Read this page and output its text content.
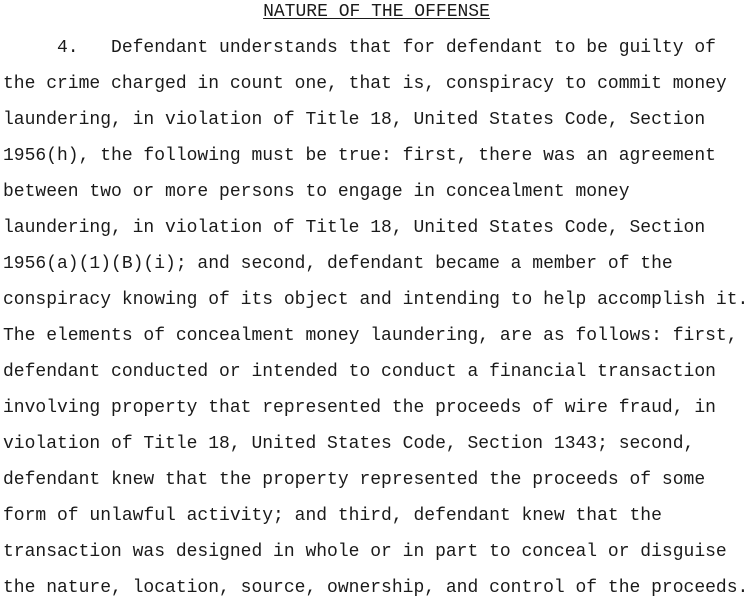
NATURE OF THE OFFENSE
4.   Defendant understands that for defendant to be guilty of
the crime charged in count one, that is, conspiracy to commit money
laundering, in violation of Title 18, United States Code, Section
1956(h), the following must be true: first, there was an agreement
between two or more persons to engage in concealment money
laundering, in violation of Title 18, United States Code, Section
1956(a)(1)(B)(i); and second, defendant became a member of the
conspiracy knowing of its object and intending to help accomplish it.
The elements of concealment money laundering, are as follows: first,
defendant conducted or intended to conduct a financial transaction
involving property that represented the proceeds of wire fraud, in
violation of Title 18, United States Code, Section 1343; second,
defendant knew that the property represented the proceeds of some
form of unlawful activity; and third, defendant knew that the
transaction was designed in whole or in part to conceal or disguise
the nature, location, source, ownership, and control of the proceeds.
